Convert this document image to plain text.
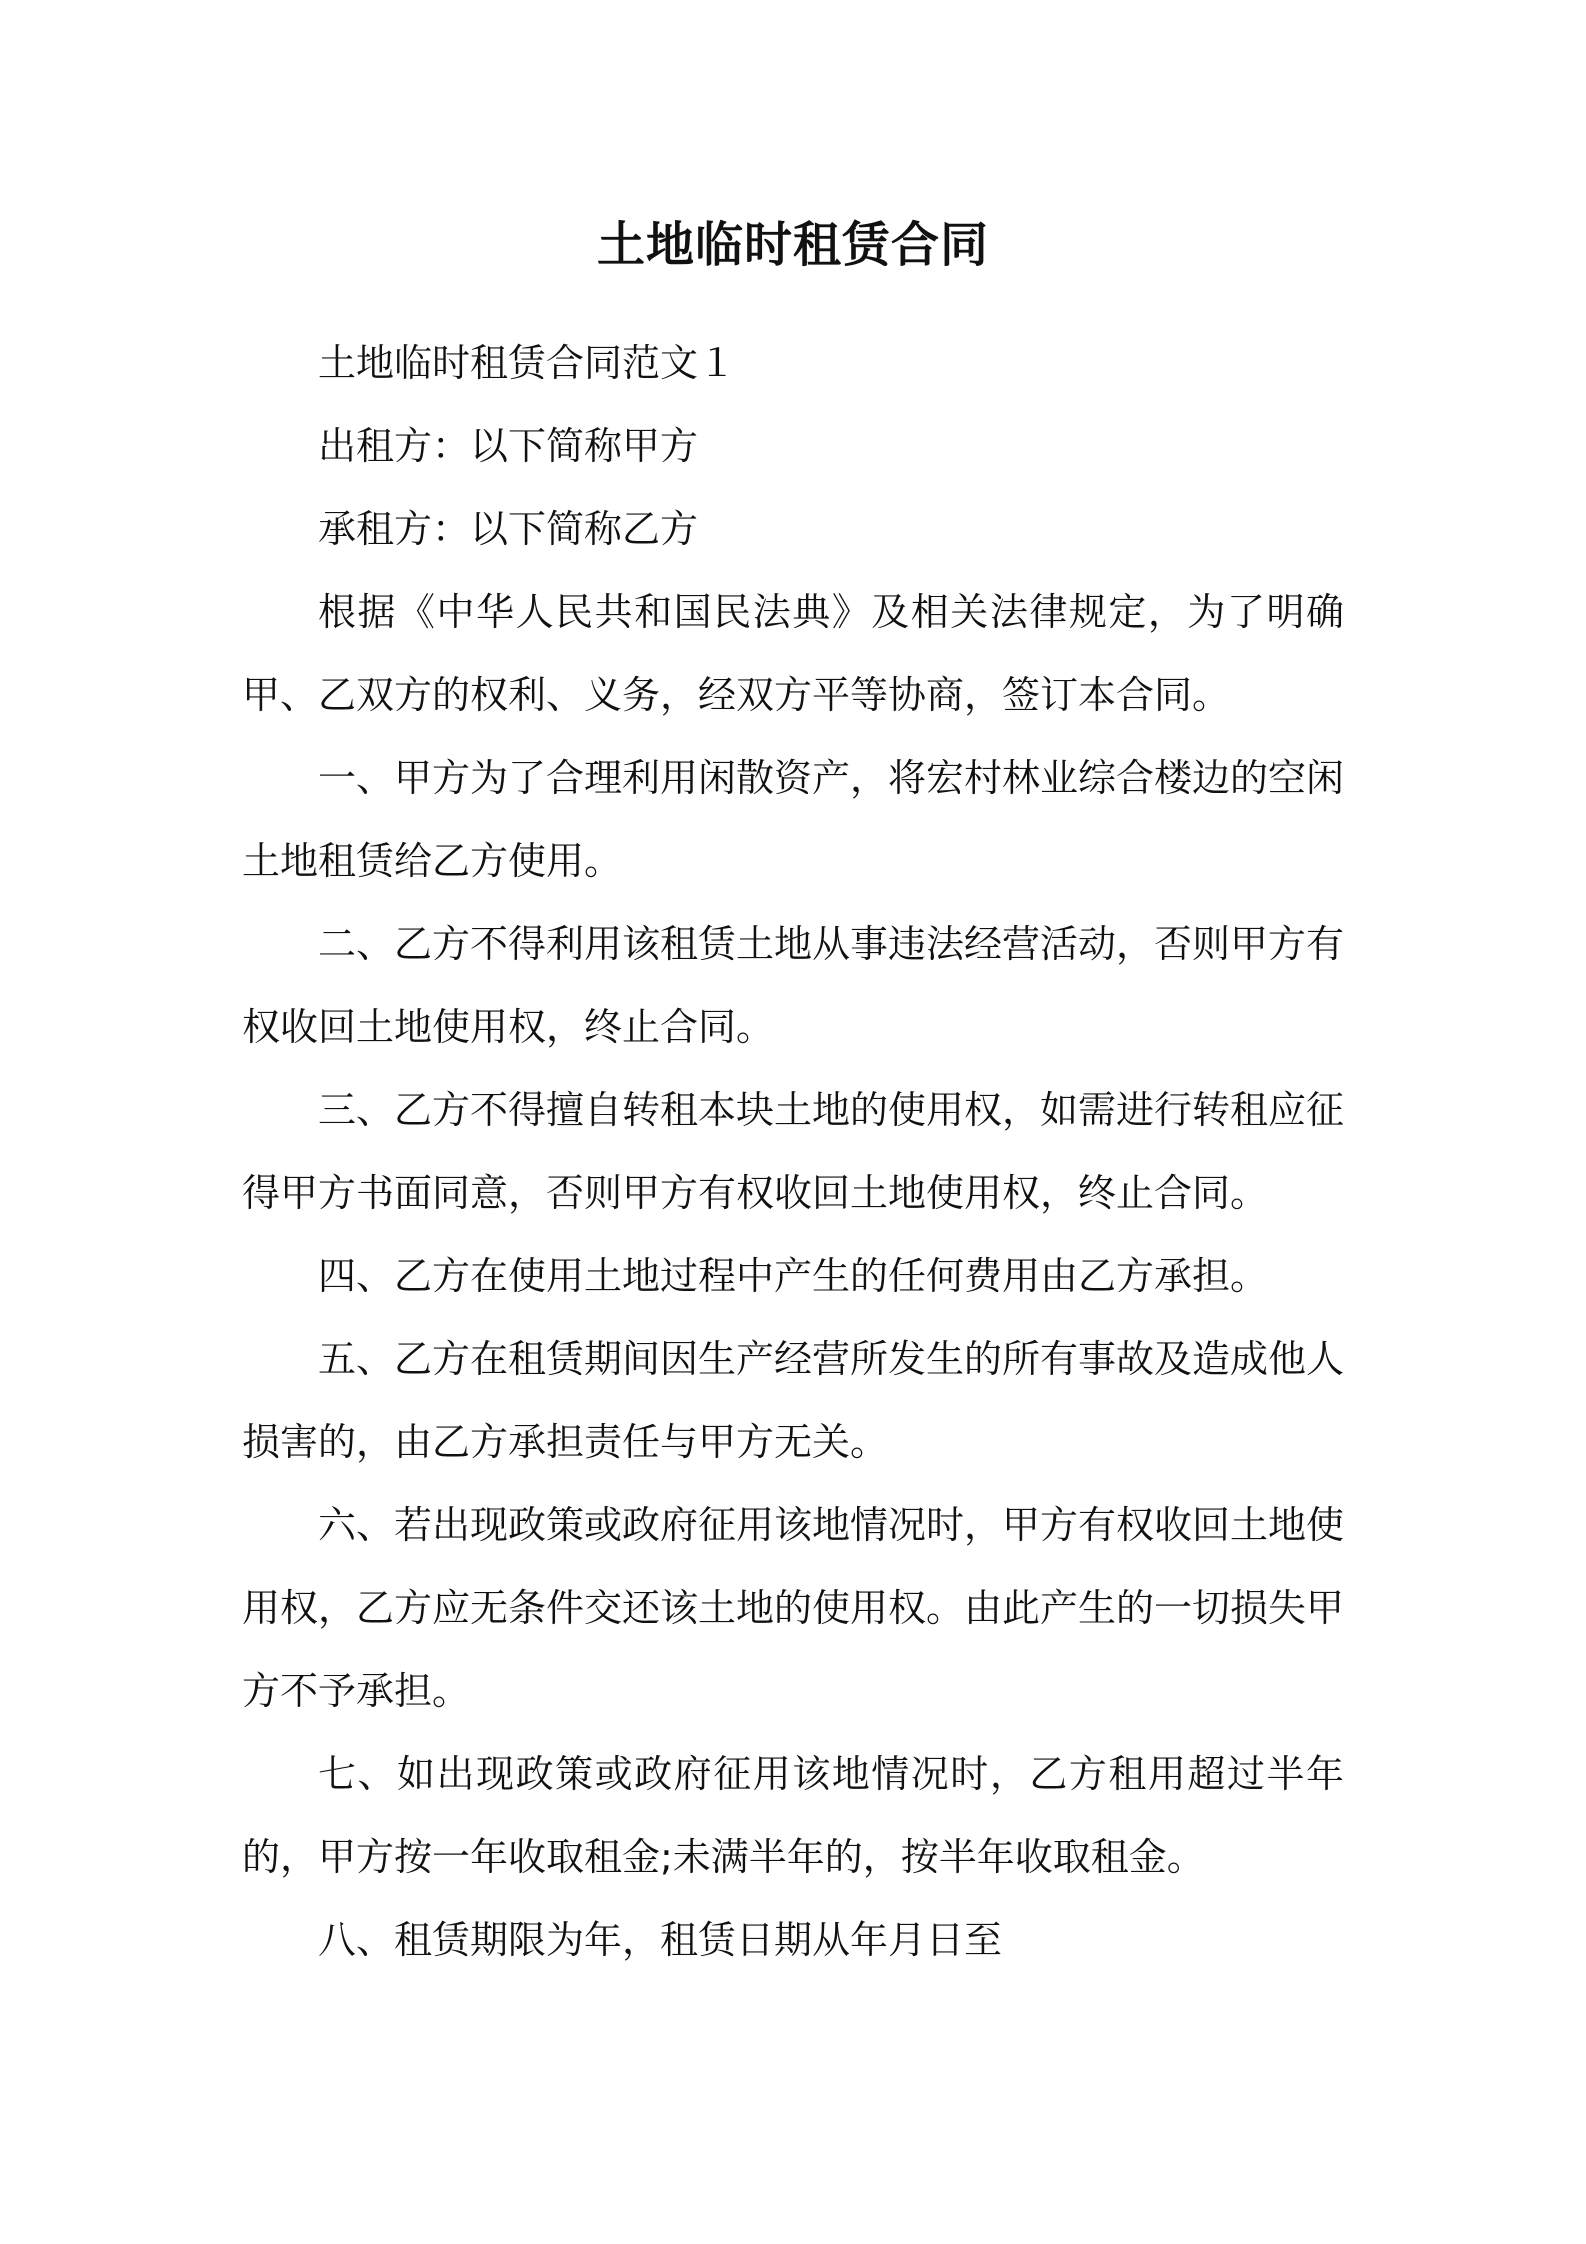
土地临时租赁合同

土地临时租赁合同范文１

出租方：以下简称甲方

承租方：以下简称乙方

根据《中华人民共和国民法典》及相关法律规定，为了明确甲、乙双方的权利、义务，经双方平等协商，签订本合同。

一、甲方为了合理利用闲散资产，将宏村林业综合楼边的空闲土地租赁给乙方使用。

二、乙方不得利用该租赁土地从事违法经营活动，否则甲方有权收回土地使用权，终止合同。

三、乙方不得擅自转租本块土地的使用权，如需进行转租应征得甲方书面同意，否则甲方有权收回土地使用权，终止合同。

四、乙方在使用土地过程中产生的任何费用由乙方承担。

五、乙方在租赁期间因生产经营所发生的所有事故及造成他人损害的，由乙方承担责任与甲方无关。

六、若出现政策或政府征用该地情况时，甲方有权收回土地使用权，乙方应无条件交还该土地的使用权。由此产生的一切损失甲方不予承担。

七、如出现政策或政府征用该地情况时，乙方租用超过半年的，甲方按一年收取租金;未满半年的，按半年收取租金。

八、租赁期限为年，租赁日期从年月日至
